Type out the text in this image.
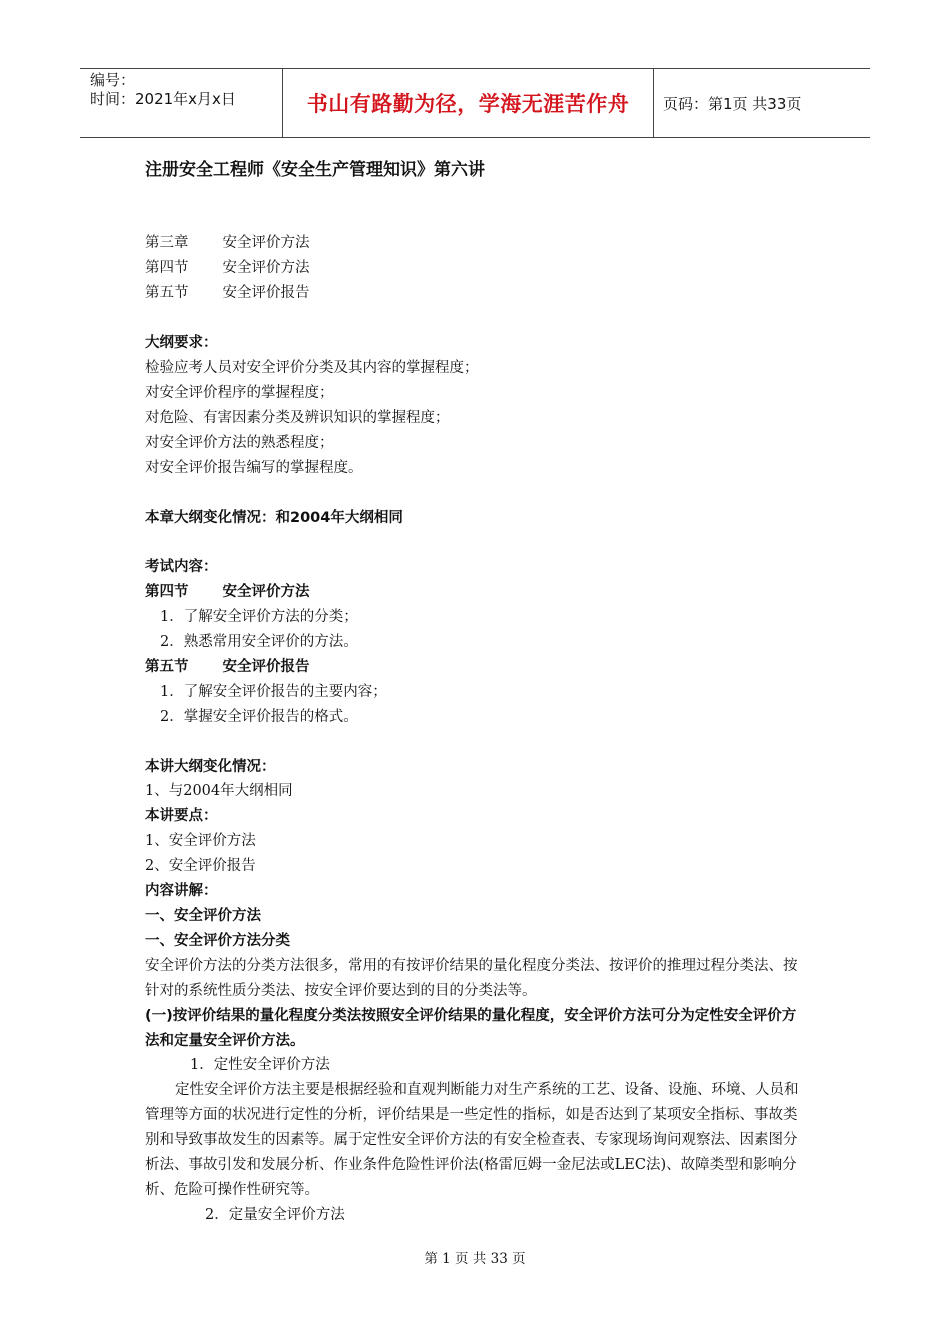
编号：
时间：2021年x月x日	书山有路勤为径，学海无涯苦作舟	页码：第1页 共33页
注册安全工程师《安全生产管理知识》第六讲
第三章 安全评价方法
第四节 安全评价方法
第五节 安全评价报告
大纲要求：
检验应考人员对安全评价分类及其内容的掌握程度；
对安全评价程序的掌握程度；
对危险、有害因素分类及辨识知识的掌握程度；
对安全评价方法的熟悉程度；
对安全评价报告编写的掌握程度。
本章大纲变化情况：和2004年大纲相同
考试内容：
第四节 安全评价方法
1．了解安全评价方法的分类；
2．熟悉常用安全评价的方法。
第五节 安全评价报告
1．了解安全评价报告的主要内容；
2．掌握安全评价报告的格式。
本讲大纲变化情况：
1、与2004年大纲相同
本讲要点：
1、安全评价方法
2、安全评价报告
内容讲解：
一、安全评价方法
一、安全评价方法分类
安全评价方法的分类方法很多，常用的有按评价结果的量化程度分类法、按评价的推理过程分类法、按针对的系统性质分类法、按安全评价要达到的目的分类法等。
(一)按评价结果的量化程度分类法按照安全评价结果的量化程度，安全评价方法可分为定性安全评价方法和定量安全评价方法。
1．定性安全评价方法
定性安全评价方法主要是根据经验和直观判断能力对生产系统的工艺、设备、设施、环境、人员和管理等方面的状况进行定性的分析，评价结果是一些定性的指标，如是否达到了某项安全指标、事故类别和导致事故发生的因素等。属于定性安全评价方法的有安全检查表、专家现场询问观察法、因素图分析法、事故引发和发展分析、作业条件危险性评价法(格雷厄姆一金尼法或LEC法)、故障类型和影响分析、危险可操作性研究等。
2．定量安全评价方法
第 1 页 共 33 页
